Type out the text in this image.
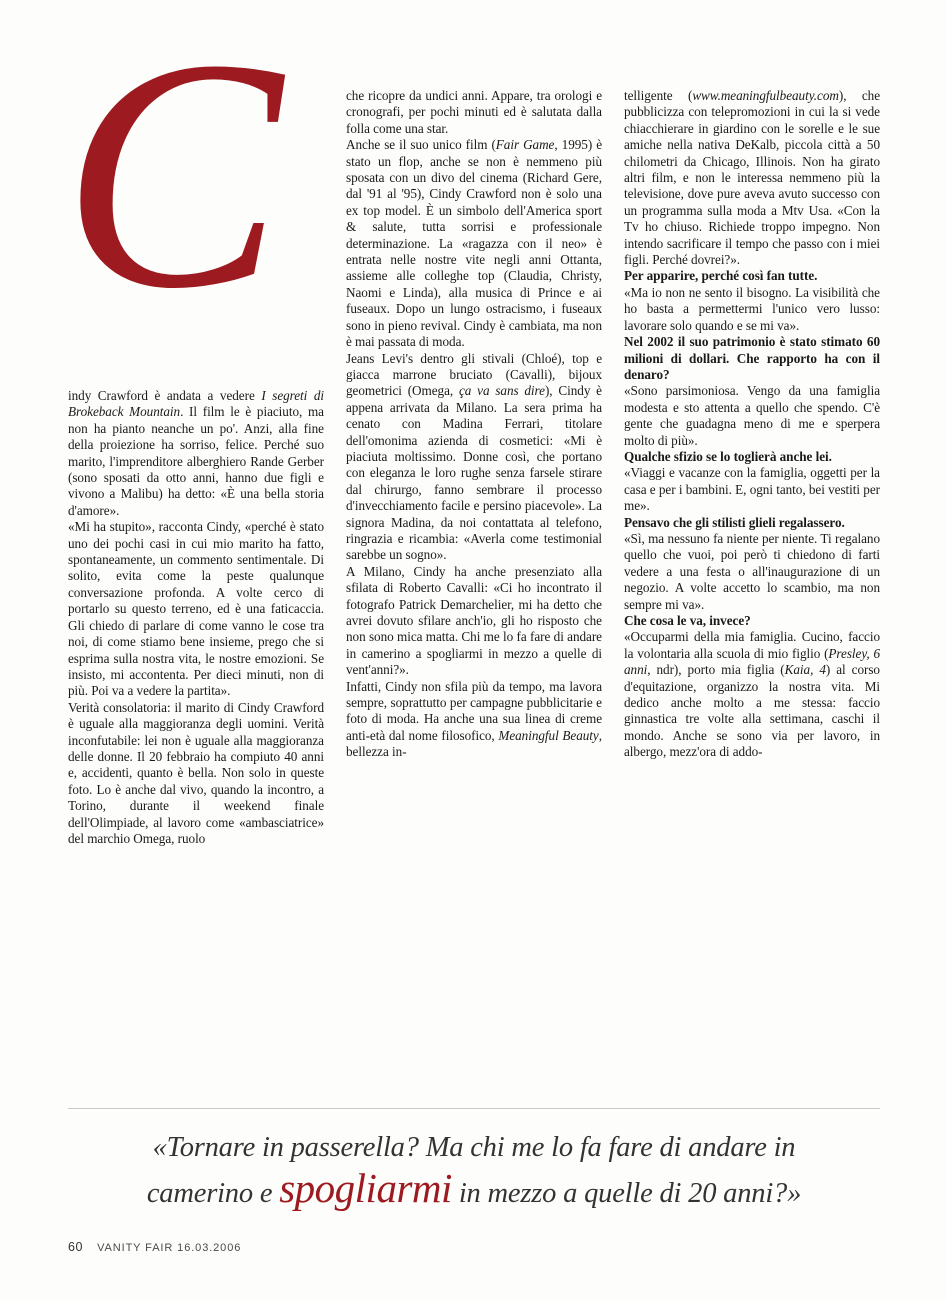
C

indy Crawford è andata a vedere I segreti di Brokeback Mountain. Il film le è piaciuto, ma non ha pianto neanche un po'. Anzi, alla fine della proiezione ha sorriso, felice. Perché suo marito, l'imprenditore alberghiero Rande Gerber (sono sposati da otto anni, hanno due figli e vivono a Malibu) ha detto: «È una bella storia d'amore».

«Mi ha stupito», racconta Cindy, «perché è stato uno dei pochi casi in cui mio marito ha fatto, spontaneamente, un commento sentimentale. Di solito, evita come la peste qualunque conversazione profonda. A volte cerco di portarlo su questo terreno, ed è una faticaccia. Gli chiedo di parlare di come vanno le cose tra noi, di come stiamo bene insieme, prego che si esprima sulla nostra vita, le nostre emozioni. Se insisto, mi accontenta. Per dieci minuti, non di più. Poi va a vedere la partita».

Verità consolatoria: il marito di Cindy Crawford è uguale alla maggioranza degli uomini. Verità inconfutabile: lei non è uguale alla maggioranza delle donne. Il 20 febbraio ha compiuto 40 anni e, accidenti, quanto è bella. Non solo in queste foto. Lo è anche dal vivo, quando la incontro, a Torino, durante il weekend finale dell'Olimpiade, al lavoro come «ambasciatrice» del marchio Omega, ruolo

che ricopre da undici anni. Appare, tra orologi e cronografi, per pochi minuti ed è salutata dalla folla come una star.

Anche se il suo unico film (Fair Game, 1995) è stato un flop, anche se non è nemmeno più sposata con un divo del cinema (Richard Gere, dal '91 al '95), Cindy Crawford non è solo una ex top model. È un simbolo dell'America sport & salute, tutta sorrisi e professionale determinazione. La «ragazza con il neo» è entrata nelle nostre vite negli anni Ottanta, assieme alle colleghe top (Claudia, Christy, Naomi e Linda), alla musica di Prince e ai fuseaux. Dopo un lungo ostracismo, i fuseaux sono in pieno revival. Cindy è cambiata, ma non è mai passata di moda.

Jeans Levi's dentro gli stivali (Chloé), top e giacca marrone bruciato (Cavalli), bijoux geometrici (Omega, ça va sans dire), Cindy è appena arrivata da Milano. La sera prima ha cenato con Madina Ferrari, titolare dell'omonima azienda di cosmetici: «Mi è piaciuta moltissimo. Donne così, che portano con eleganza le loro rughe senza farsele stirare dal chirurgo, fanno sembrare il processo d'invecchiamento facile e persino piacevole». La signora Madina, da noi contattata al telefono, ringrazia e ricambia: «Averla come testimonial sarebbe un sogno».

A Milano, Cindy ha anche presenziato alla sfilata di Roberto Cavalli: «Ci ho incontrato il fotografo Patrick Demarchelier, mi ha detto che avrei dovuto sfilare anch'io, gli ho risposto che non sono mica matta. Chi me lo fa fare di andare in camerino a spogliarmi in mezzo a quelle di vent'anni?».

Infatti, Cindy non sfila più da tempo, ma lavora sempre, soprattutto per campagne pubblicitarie e foto di moda. Ha anche una sua linea di creme anti-età dal nome filosofico, Meaningful Beauty, bellezza in-

telligente (www.meaningfulbeauty.com), che pubblicizza con telepromozioni in cui la si vede chiacchierare in giardino con le sorelle e le sue amiche nella nativa DeKalb, piccola città a 50 chilometri da Chicago, Illinois. Non ha girato altri film, e non le interessa nemmeno più la televisione, dove pure aveva avuto successo con un programma sulla moda a Mtv Usa. «Con la Tv ho chiuso. Richiede troppo impegno. Non intendo sacrificare il tempo che passo con i miei figli. Perché dovrei?».

Per apparire, perché così fan tutte.

«Ma io non ne sento il bisogno. La visibilità che ho basta a permettermi l'unico vero lusso: lavorare solo quando e se mi va».

Nel 2002 il suo patrimonio è stato stimato 60 milioni di dollari. Che rapporto ha con il denaro?

«Sono parsimoniosa. Vengo da una famiglia modesta e sto attenta a quello che spendo. C'è gente che guadagna meno di me e sperpera molto di più».

Qualche sfizio se lo toglierà anche lei.

«Viaggi e vacanze con la famiglia, oggetti per la casa e per i bambini. E, ogni tanto, bei vestiti per me».

Pensavo che gli stilisti glieli regalassero.

«Sì, ma nessuno fa niente per niente. Ti regalano quello che vuoi, poi però ti chiedono di farti vedere a una festa o all'inaugurazione di un negozio. A volte accetto lo scambio, ma non sempre mi va».

Che cosa le va, invece?

«Occuparmi della mia famiglia. Cucino, faccio la volontaria alla scuola di mio figlio (Presley, 6 anni, ndr), porto mia figlia (Kaia, 4) al corso d'equitazione, organizzo la nostra vita. Mi dedico anche molto a me stessa: faccio ginnastica tre volte alla settimana, caschi il mondo. Anche se sono via per lavoro, in albergo, mezz'ora di addo-

«Tornare in passerella? Ma chi me lo fa fare di andare in
camerino e spogliarmi in mezzo a quelle di 20 anni?»
60 VANITY FAIR 16.03.2006
